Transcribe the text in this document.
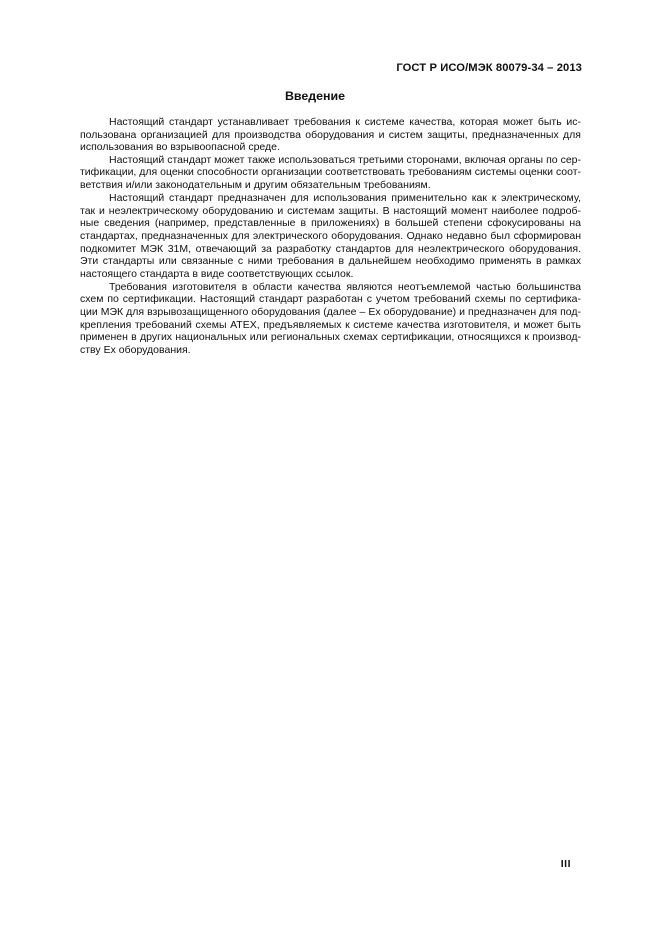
ГОСТ Р ИСО/МЭК 80079-34 – 2013
Введение

Настоящий стандарт устанавливает требования к системе качества, которая может быть ис-
пользована организацией для производства оборудования и систем защиты, предназначенных для
использования во взрывоопасной среде.

Настоящий стандарт может также использоваться третьими сторонами, включая органы по сер-
тификации, для оценки способности организации соответствовать требованиям системы оценки соот-
ветствия и/или законодательным и другим обязательным требованиям.

Настоящий стандарт предназначен для использования применительно как к электрическому,
так и неэлектрическому оборудованию и системам защиты. В настоящий момент наиболее подроб-
ные сведения (например, представленные в приложениях) в большей степени сфокусированы на
стандартах, предназначенных для электрического оборудования. Однако недавно был сформирован
подкомитет МЭК 31М, отвечающий за разработку стандартов для неэлектрического оборудования.
Эти стандарты или связанные с ними требования в дальнейшем необходимо применять в рамках
настоящего стандарта в виде соответствующих ссылок.

Требования изготовителя в области качества являются неотъемлемой частью большинства
схем по сертификации. Настоящий стандарт разработан с учетом требований схемы по сертифика-
ции МЭК для взрывозащищенного оборудования (далее – Ex оборудование) и предназначен для под-
крепления требований схемы ATEX, предъявляемых к системе качества изготовителя, и может быть
применен в других национальных или региональных схемах сертификации, относящихся к производ-
ству Ex оборудования.

III
